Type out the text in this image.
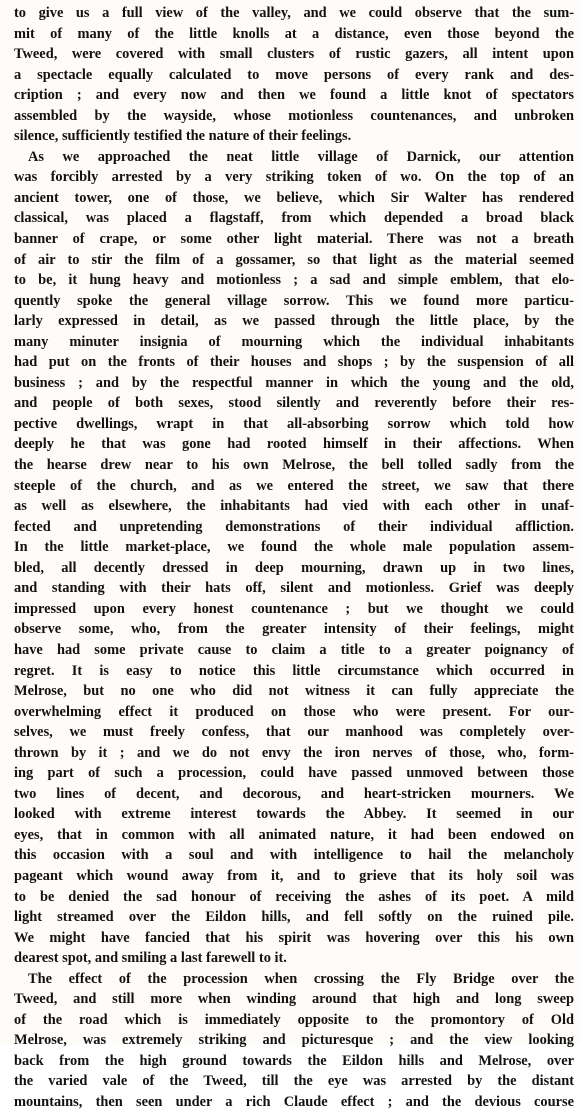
to give us a full view of the valley, and we could observe that the sum-
mit of many of the little knolls at a distance, even those beyond the
Tweed, were covered with small clusters of rustic gazers, all intent upon
a spectacle equally calculated to move persons of every rank and des-
cription ; and every now and then we found a little knot of spectators
assembled by the wayside, whose motionless countenances, and unbroken
silence, sufficiently testified the nature of their feelings.
As we approached the neat little village of Darnick, our attention
was forcibly arrested by a very striking token of wo. On the top of an
ancient tower, one of those, we believe, which Sir Walter has rendered
classical, was placed a flagstaff, from which depended a broad black
banner of crape, or some other light material. There was not a breath
of air to stir the film of a gossamer, so that light as the material seemed
to be, it hung heavy and motionless ; a sad and simple emblem, that elo-
quently spoke the general village sorrow. This we found more particu-
larly expressed in detail, as we passed through the little place, by the
many minuter insignia of mourning which the individual inhabitants
had put on the fronts of their houses and shops ; by the suspension of all
business ; and by the respectful manner in which the young and the old,
and people of both sexes, stood silently and reverently before their res-
pective dwellings, wrapt in that all-absorbing sorrow which told how
deeply he that was gone had rooted himself in their affections. When
the hearse drew near to his own Melrose, the bell tolled sadly from the
steeple of the church, and as we entered the street, we saw that there
as well as elsewhere, the inhabitants had vied with each other in unaf-
fected and unpretending demonstrations of their individual affliction.
In the little market-place, we found the whole male population assem-
bled, all decently dressed in deep mourning, drawn up in two lines,
and standing with their hats off, silent and motionless. Grief was deeply
impressed upon every honest countenance ; but we thought we could
observe some, who, from the greater intensity of their feelings, might
have had some private cause to claim a title to a greater poignancy of
regret. It is easy to notice this little circumstance which occurred in
Melrose, but no one who did not witness it can fully appreciate the
overwhelming effect it produced on those who were present. For our-
selves, we must freely confess, that our manhood was completely over-
thrown by it ; and we do not envy the iron nerves of those, who, form-
ing part of such a procession, could have passed unmoved between those
two lines of decent, and decorous, and heart-stricken mourners. We
looked with extreme interest towards the Abbey. It seemed in our
eyes, that in common with all animated nature, it had been endowed on
this occasion with a soul and with intelligence to hail the melancholy
pageant which wound away from it, and to grieve that its holy soil was
to be denied the sad honour of receiving the ashes of its poet. A mild
light streamed over the Eildon hills, and fell softly on the ruined pile.
We might have fancied that his spirit was hovering over this his own
dearest spot, and smiling a last farewell to it.
The effect of the procession when crossing the Fly Bridge over the
Tweed, and still more when winding around that high and long sweep
of the road which is immediately opposite to the promontory of Old
Melrose, was extremely striking and picturesque ; and the view looking
back from the high ground towards the Eildon hills and Melrose, over
the varied vale of the Tweed, till the eye was arrested by the distant
mountains, then seen under a rich Claude effect ; and the devious course
